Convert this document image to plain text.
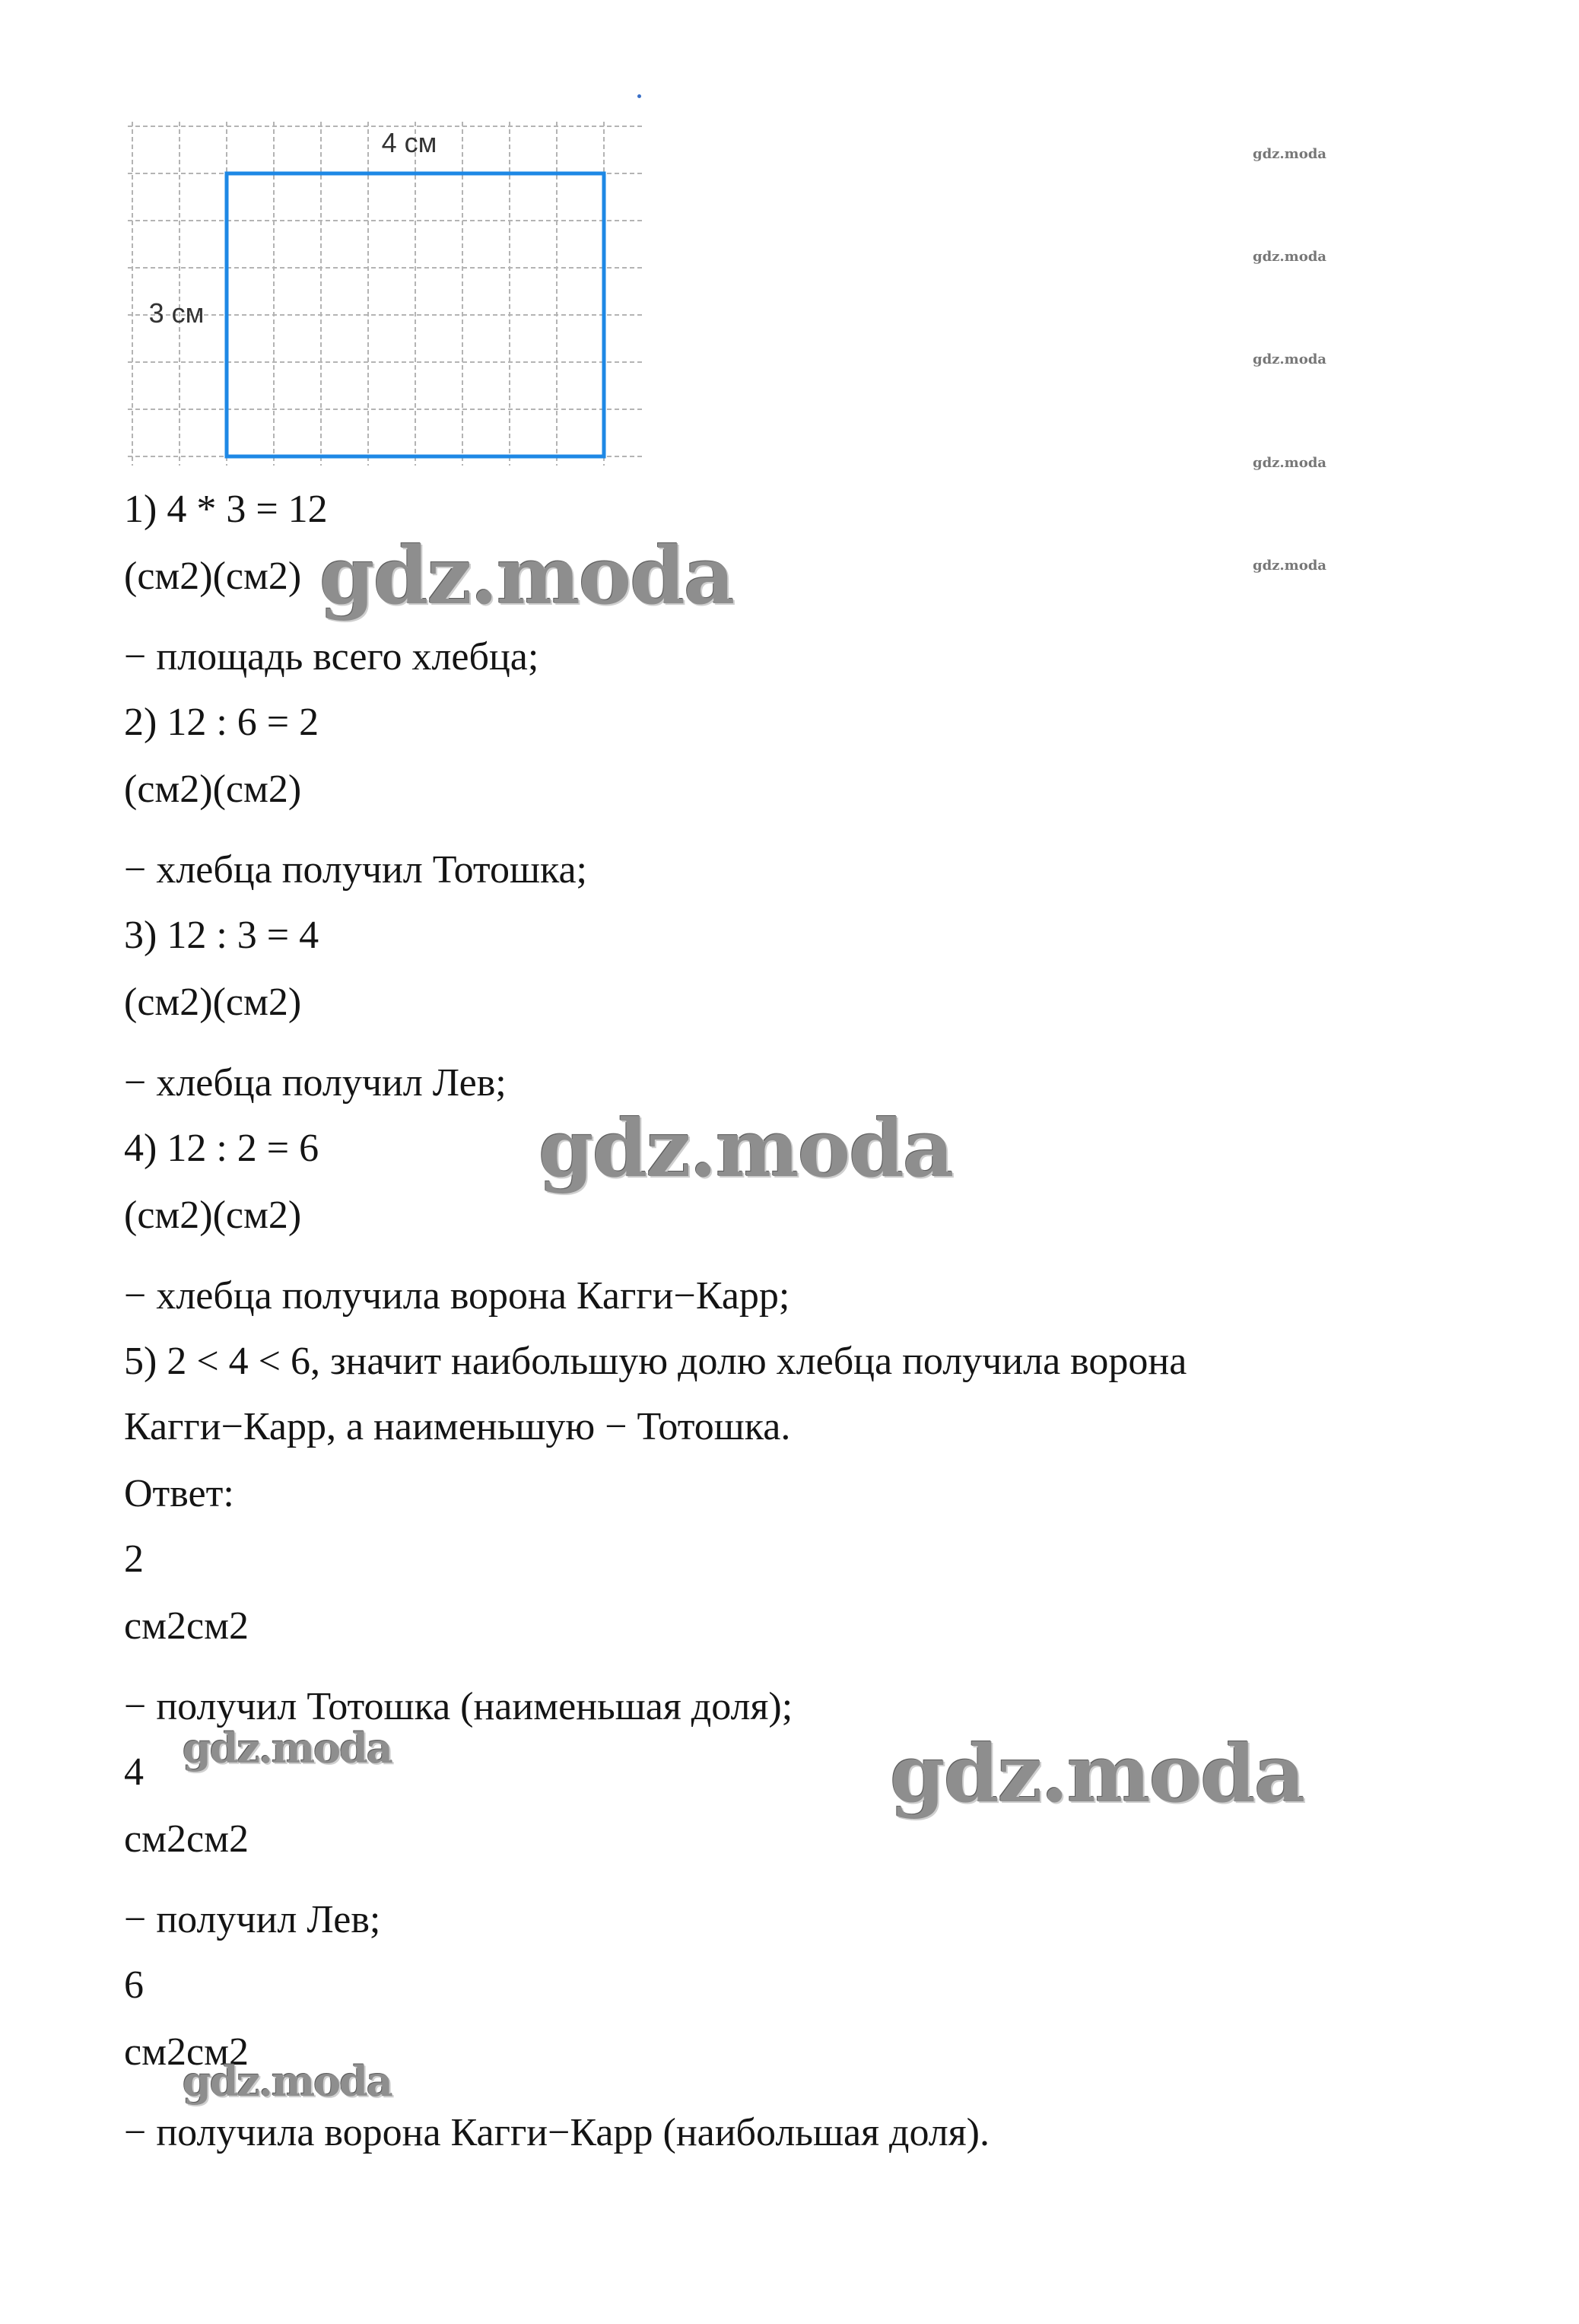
4 см
3 см
1) 4 * 3 = 12
(см2)(см2)
− площадь всего хлебца;
2) 12 : 6 = 2
(см2)(см2)
− хлебца получил Тотошка;
3) 12 : 3 = 4
(см2)(см2)
− хлебца получил Лев;
4) 12 : 2 = 6
(см2)(см2)
− хлебца получила ворона Кагги−Карр;
5) 2 < 4 < 6, значит наибольшую долю хлебца получила ворона
Кагги−Карр, а наименьшую − Тотошка.
Ответ:
2
см2см2
− получил Тотошка (наименьшая доля);
4
см2см2
− получил Лев;
6
см2см2
− получила ворона Кагги−Карр (наибольшая доля).
gdz.moda
gdz.moda
gdz.moda
gdz.moda
gdz.moda
gdz.moda
gdz.moda
gdz.moda
gdz.moda
gdz.moda
